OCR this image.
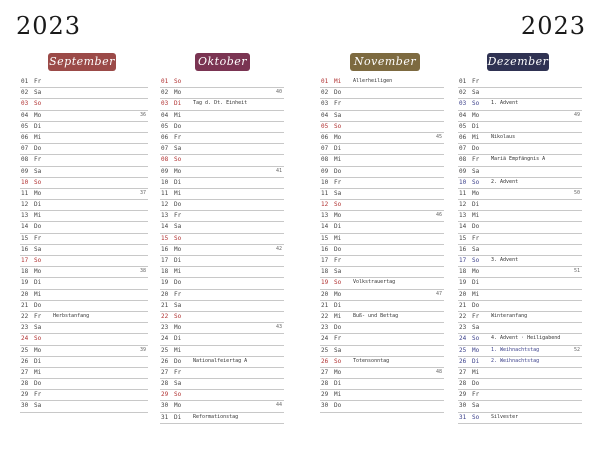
2023	2023
September
01 Fr
02 Sa
03 So
04 Mo	36
05 Di
06 Mi
07 Do
08 Fr
09 Sa
10 So
11 Mo	37
12 Di
13 Mi
14 Do
15 Fr
16 Sa
17 So
18 Mo	38
19 Di
20 Mi
21 Do
22 Fr Herbstanfang
23 Sa
24 So
25 Mo	39
26 Di
27 Mi
28 Do
29 Fr
30 Sa
Oktober
01 So
02 Mo	40
03 Di Tag d. Dt. Einheit
04 Mi
05 Do
06 Fr
07 Sa
08 So
09 Mo	41
10 Di
11 Mi
12 Do
13 Fr
14 Sa
15 So
16 Mo	42
17 Di
18 Mi
19 Do
20 Fr
21 Sa
22 So
23 Mo	43
24 Di
25 Mi
26 Do Nationalfeiertag A
27 Fr
28 Sa
29 So
30 Mo	44
31 Di Reformationstag
November
01 Mi Allerheiligen
02 Do
03 Fr
04 Sa
05 So
06 Mo	45
07 Di
08 Mi
09 Do
10 Fr
11 Sa
12 So
13 Mo	46
14 Di
15 Mi
16 Do
17 Fr
18 Sa
19 So Volkstrauertag
20 Mo	47
21 Di
22 Mi Buß- und Bettag
23 Do
24 Fr
25 Sa
26 So Totensonntag
27 Mo	48
28 Di
29 Mi
30 Do
Dezember
01 Fr
02 Sa
03 So 1. Advent
04 Mo	49
05 Di
06 Mi Nikolaus
07 Do
08 Fr Mariä Empfängnis A
09 Sa
10 So 2. Advent
11 Mo	50
12 Di
13 Mi
14 Do
15 Fr
16 Sa
17 So 3. Advent
18 Mo	51
19 Di
20 Mi
21 Do
22 Fr Winteranfang
23 Sa
24 So 4. Advent · Heiligabend
25 Mo 1. Weihnachtstag	52
26 Di 2. Weihnachtstag
27 Mi
28 Do
29 Fr
30 Sa
31 So Silvester
